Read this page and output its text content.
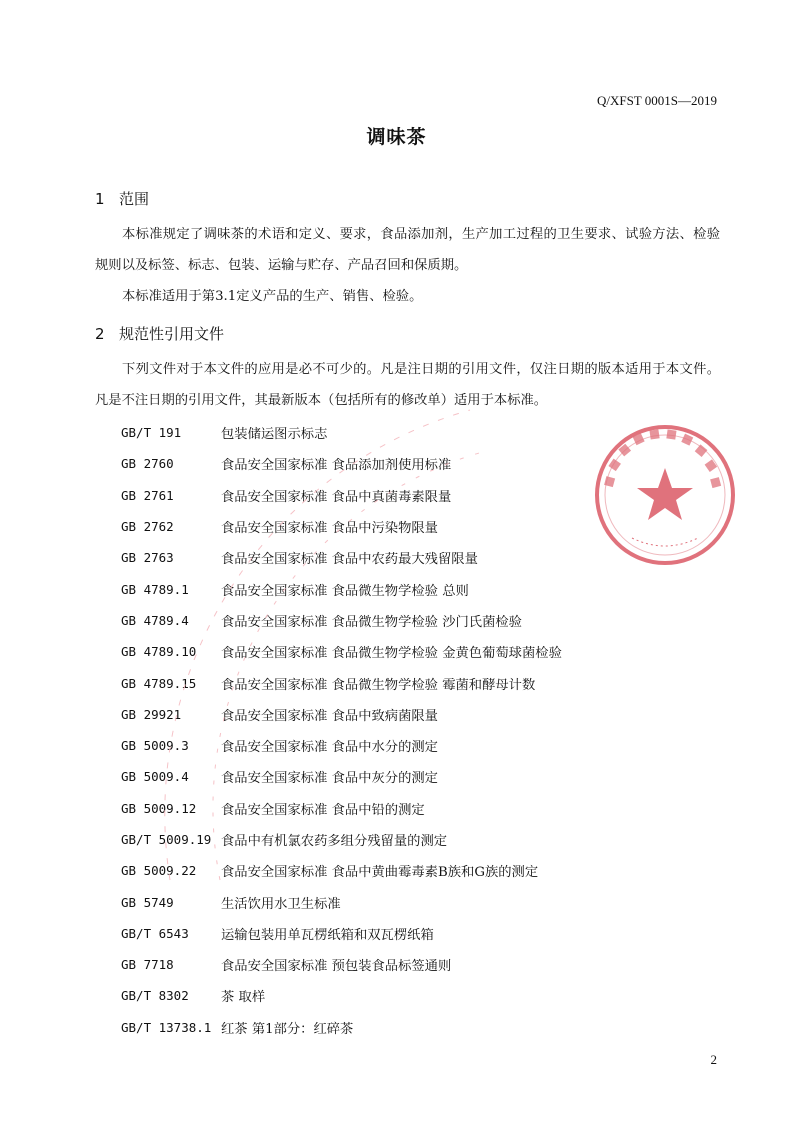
Q/XFST 0001S—2019
调味茶
1 范围

本标准规定了调味茶的术语和定义、要求，食品添加剂，生产加工过程的卫生要求、试验方法、检验规则以及标签、标志、包装、运输与贮存、产品召回和保质期。

本标准适用于第3.1定义产品的生产、销售、检验。

2 规范性引用文件

下列文件对于本文件的应用是必不可少的。凡是注日期的引用文件，仅注日期的版本适用于本文件。凡是不注日期的引用文件，其最新版本（包括所有的修改单）适用于本标准。

GB/T 191	包装储运图示标志
GB 2760	食品安全国家标准 食品添加剂使用标准
GB 2761	食品安全国家标准 食品中真菌毒素限量
GB 2762	食品安全国家标准 食品中污染物限量
GB 2763	食品安全国家标准 食品中农药最大残留限量
GB 4789.1	食品安全国家标准 食品微生物学检验 总则
GB 4789.4	食品安全国家标准 食品微生物学检验 沙门氏菌检验
GB 4789.10	食品安全国家标准 食品微生物学检验 金黄色葡萄球菌检验
GB 4789.15	食品安全国家标准 食品微生物学检验 霉菌和酵母计数
GB 29921	食品安全国家标准 食品中致病菌限量
GB 5009.3	食品安全国家标准 食品中水分的测定
GB 5009.4	食品安全国家标准 食品中灰分的测定
GB 5009.12	食品安全国家标准 食品中铅的测定
GB/T 5009.19 食品中有机氯农药多组分残留量的测定
GB 5009.22	食品安全国家标准 食品中黄曲霉毒素B族和G族的测定
GB 5749	生活饮用水卫生标准
GB/T 6543	运输包装用单瓦楞纸箱和双瓦楞纸箱
GB 7718	食品安全国家标准 预包装食品标签通则
GB/T 8302	茶 取样
GB/T 13738.1 红茶 第1部分：红碎茶
2
